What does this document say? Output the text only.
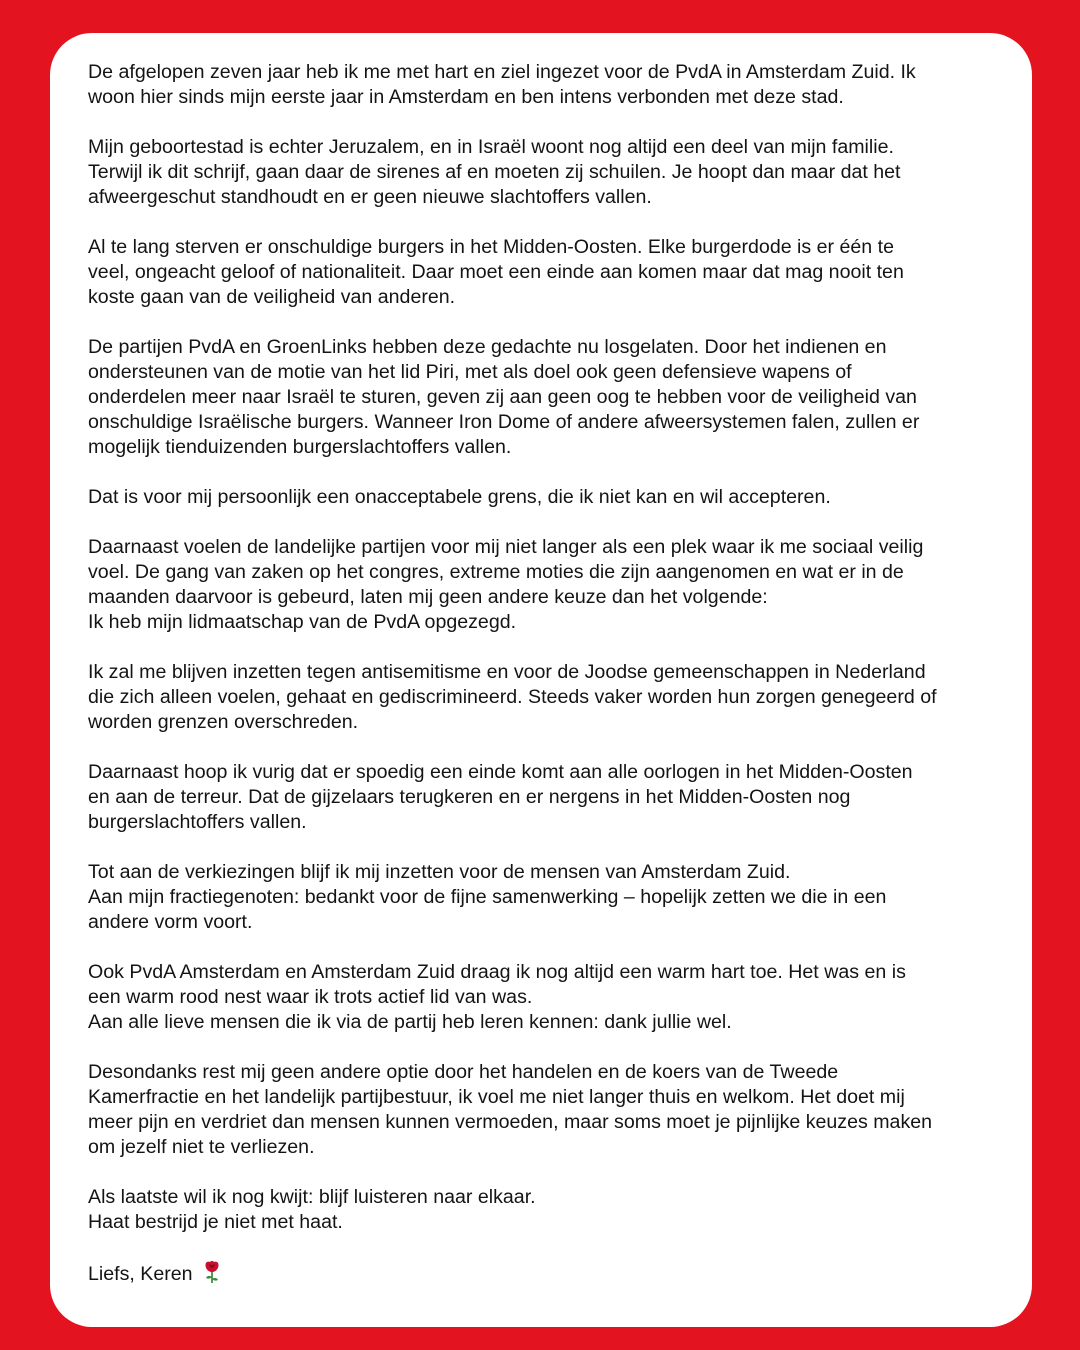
De afgelopen zeven jaar heb ik me met hart en ziel ingezet voor de PvdA in Amsterdam Zuid. Ik
woon hier sinds mijn eerste jaar in Amsterdam en ben intens verbonden met deze stad.

Mijn geboortestad is echter Jeruzalem, en in Israël woont nog altijd een deel van mijn familie.
Terwijl ik dit schrijf, gaan daar de sirenes af en moeten zij schuilen. Je hoopt dan maar dat het
afweergeschut standhoudt en er geen nieuwe slachtoffers vallen.

Al te lang sterven er onschuldige burgers in het Midden-Oosten. Elke burgerdode is er één te
veel, ongeacht geloof of nationaliteit. Daar moet een einde aan komen maar dat mag nooit ten
koste gaan van de veiligheid van anderen.

De partijen PvdA en GroenLinks hebben deze gedachte nu losgelaten. Door het indienen en
ondersteunen van de motie van het lid Piri, met als doel ook geen defensieve wapens of
onderdelen meer naar Israël te sturen, geven zij aan geen oog te hebben voor de veiligheid van
onschuldige Israëlische burgers. Wanneer Iron Dome of andere afweersystemen falen, zullen er
mogelijk tienduizenden burgerslachtoffers vallen.

Dat is voor mij persoonlijk een onacceptabele grens, die ik niet kan en wil accepteren.

Daarnaast voelen de landelijke partijen voor mij niet langer als een plek waar ik me sociaal veilig
voel. De gang van zaken op het congres, extreme moties die zijn aangenomen en wat er in de
maanden daarvoor is gebeurd, laten mij geen andere keuze dan het volgende:
Ik heb mijn lidmaatschap van de PvdA opgezegd.

Ik zal me blijven inzetten tegen antisemitisme en voor de Joodse gemeenschappen in Nederland
die zich alleen voelen, gehaat en gediscrimineerd. Steeds vaker worden hun zorgen genegeerd of
worden grenzen overschreden.

Daarnaast hoop ik vurig dat er spoedig een einde komt aan alle oorlogen in het Midden-Oosten
en aan de terreur. Dat de gijzelaars terugkeren en er nergens in het Midden-Oosten nog
burgerslachtoffers vallen.

Tot aan de verkiezingen blijf ik mij inzetten voor de mensen van Amsterdam Zuid.
Aan mijn fractiegenoten: bedankt voor de fijne samenwerking – hopelijk zetten we die in een
andere vorm voort.

Ook PvdA Amsterdam en Amsterdam Zuid draag ik nog altijd een warm hart toe. Het was en is
een warm rood nest waar ik trots actief lid van was.
Aan alle lieve mensen die ik via de partij heb leren kennen: dank jullie wel.

Desondanks rest mij geen andere optie door het handelen en de koers van de Tweede
Kamerfractie en het landelijk partijbestuur, ik voel me niet langer thuis en welkom. Het doet mij
meer pijn en verdriet dan mensen kunnen vermoeden, maar soms moet je pijnlijke keuzes maken
om jezelf niet te verliezen.

Als laatste wil ik nog kwijt: blijf luisteren naar elkaar.
Haat bestrijd je niet met haat.

Liefs, Keren
